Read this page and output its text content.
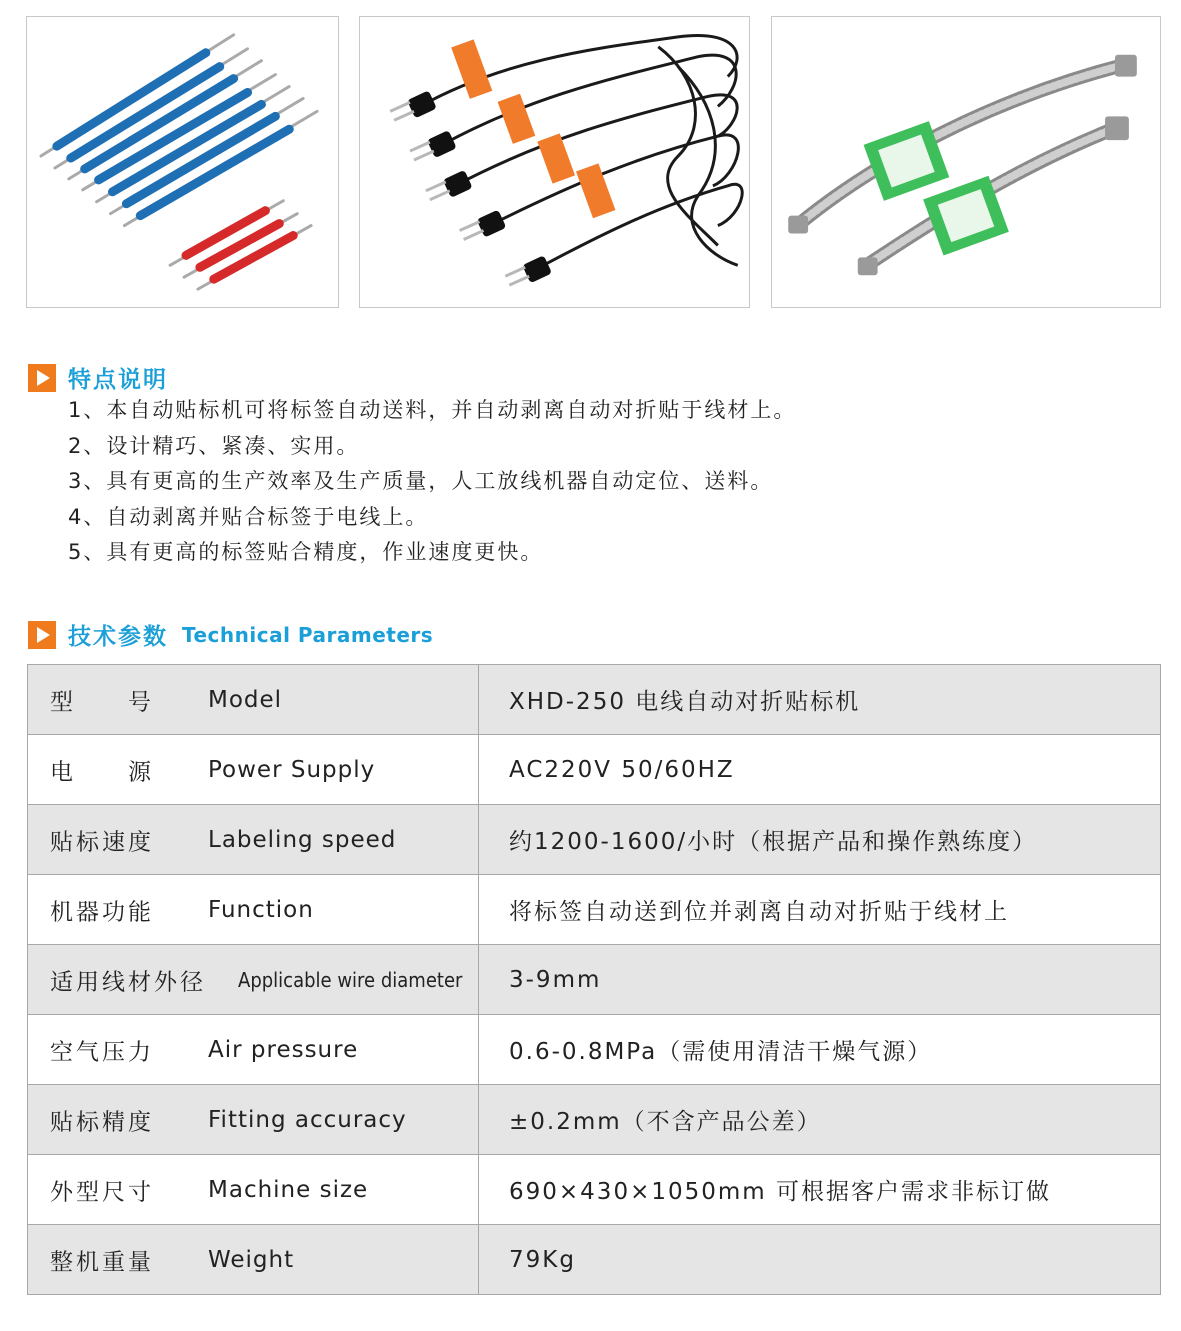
特点说明
1、本自动贴标机可将标签自动送料，并自动剥离自动对折贴于线材上。
2、设计精巧、紧凑、实用。
3、具有更高的生产效率及生产质量，人工放线机器自动定位、送料。
4、自动剥离并贴合标签于电线上。
5、具有更高的标签贴合精度，作业速度更快。
技术参数 Technical Parameters
型　　号 Model	XHD-250 电线自动对折贴标机

电　　源 Power Supply	AC220V 50/60HZ

贴标速度 Labeling speed	约1200-1600/小时（根据产品和操作熟练度）

机器功能 Function	将标签自动送到位并剥离自动对折贴于线材上

适用线材外径 Applicable wire diameter	3-9mm

空气压力 Air pressure	0.6-0.8MPa（需使用清洁干燥气源）

贴标精度 Fitting accuracy	±0.2mm（不含产品公差）

外型尺寸 Machine size	690×430×1050mm 可根据客户需求非标订做

整机重量 Weight	79Kg
